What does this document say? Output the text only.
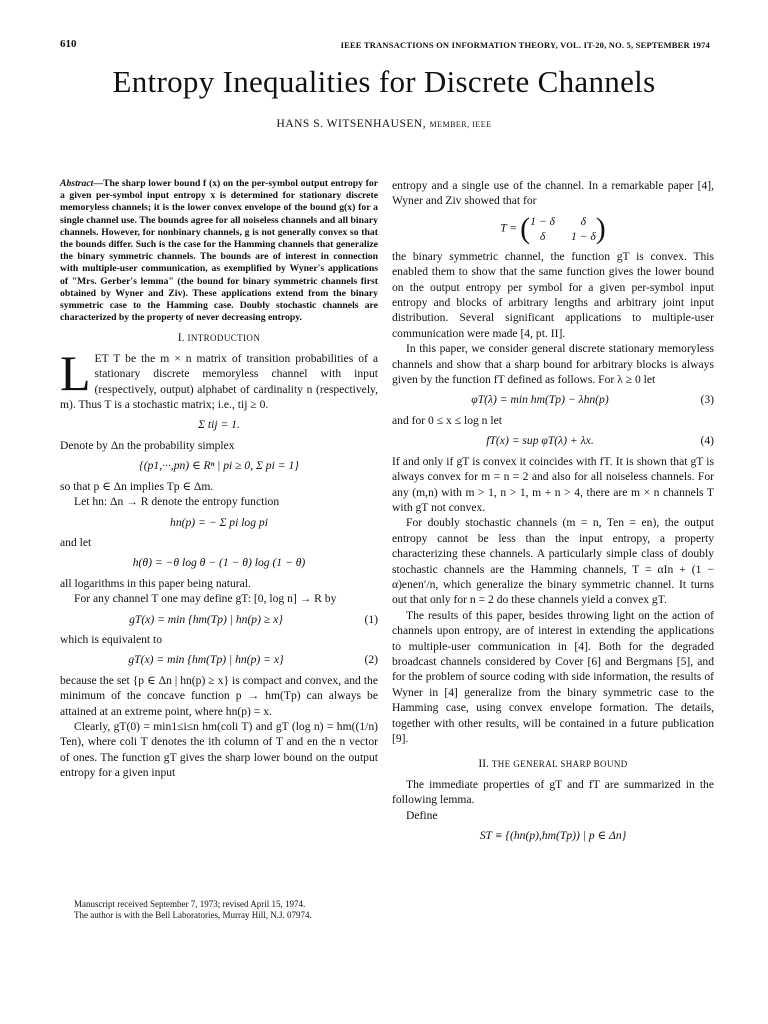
610	IEEE TRANSACTIONS ON INFORMATION THEORY, VOL. IT-20, NO. 5, SEPTEMBER 1974
Entropy Inequalities for Discrete Channels
HANS S. WITSENHAUSEN, MEMBER, IEEE

Abstract—The sharp lower bound f (x) on the per-symbol output entropy for a given per-symbol input entropy x is determined for stationary discrete memoryless channels; it is the lower convex envelope of the bound g(x) for a single channel use. The bounds agree for all noiseless channels and all binary channels. However, for nonbinary channels, g is not generally convex so that the bounds differ. Such is the case for the Hamming channels that generalize the binary symmetric channels. The bounds are of interest in connection with multiple-user communication, as exemplified by Wyner's applications of "Mrs. Gerber's lemma" (the bound for binary symmetric channels first obtained by Wyner and Ziv). These applications extend from the binary symmetric case to the Hamming case. Doubly stochastic channels are characterized by the property of never decreasing entropy.

I. INTRODUCTION

LET T be the m × n matrix of transition probabilities of a stationary discrete memoryless channel with input (respectively, output) alphabet of cardinality n (respectively, m). Thus T is a stochastic matrix; i.e., tij ≥ 0.

Σ tij = 1.

Denote by Δn the probability simplex

{(p1,···,pn) ∈ Rⁿ | pi ≥ 0, Σ pi = 1}

so that p ∈ Δn implies Tp ∈ Δm.

Let hn: Δn → R denote the entropy function

hn(p) = − Σ pi log pi

and let

h(θ) = −θ log θ − (1 − θ) log (1 − θ)

all logarithms in this paper being natural.

For any channel T one may define gT: [0, log n] → R by

gT(x) = min {hm(Tp) | hn(p) ≥ x}	(1)

which is equivalent to

gT(x) = min {hm(Tp) | hn(p) = x}	(2)

because the set {p ∈ Δn | hn(p) ≥ x} is compact and convex, and the minimum of the concave function p → hm(Tp) can always be attained at an extreme point, where hn(p) = x.

Clearly, gT(0) = min1≤i≤n hm(coli T) and gT (log n) = hm((1/n) Ten), where coli T denotes the ith column of T and en the n vector of ones. The function gT gives the sharp lower bound on the output entropy for a given input

Manuscript received September 7, 1973; revised April 15, 1974.

The author is with the Bell Laboratories, Murray Hill, N.J. 07974.

entropy and a single use of the channel. In a remarkable paper [4], Wyner and Ziv showed that for

T = ( 1 − δ	δ
δ	1 − δ )

the binary symmetric channel, the function gT is convex. This enabled them to show that the same function gives the lower bound on the output entropy per symbol for a given per-symbol input entropy and blocks of arbitrary lengths and arbitrary joint input distribution. Several significant applications to multiple-user communication were made [4, pt. II].

In this paper, we consider general discrete stationary memoryless channels and show that a sharp bound for arbitrary blocks is always given by the function fT defined as follows. For λ ≥ 0 let

φT(λ) = min hm(Tp) − λhn(p)	(3)

and for 0 ≤ x ≤ log n let

fT(x) = sup φT(λ) + λx.	(4)

If and only if gT is convex it coincides with fT. It is shown that gT is always convex for m = n = 2 and also for all noiseless channels. For any (m,n) with m > 1, n > 1, m + n > 4, there are m × n channels T with gT not convex.

For doubly stochastic channels (m = n, Ten = en), the output entropy cannot be less than the input entropy, a property characterizing these channels. A particularly simple class of doubly stochastic channels are the Hamming channels, T = αIn + (1 − α)enen′/n, which generalize the binary symmetric channel. It turns out that only for n = 2 do these channels yield a convex gT.

The results of this paper, besides throwing light on the action of channels upon entropy, are of interest in extending the applications to multiple-user communication in [4]. Both for the degraded broadcast channels considered by Cover [6] and Bergmans [5], and for the problem of source coding with side information, the results of Wyner in [4] generalize from the binary symmetric case to the Hamming case, using convex envelope formation. The details, together with other results, will be contained in a future publication [9].

II. THE GENERAL SHARP BOUND

The immediate properties of gT and fT are summarized in the following lemma.

Define

ST ≡ {(hn(p),hm(Tp)) | p ∈ Δn}
